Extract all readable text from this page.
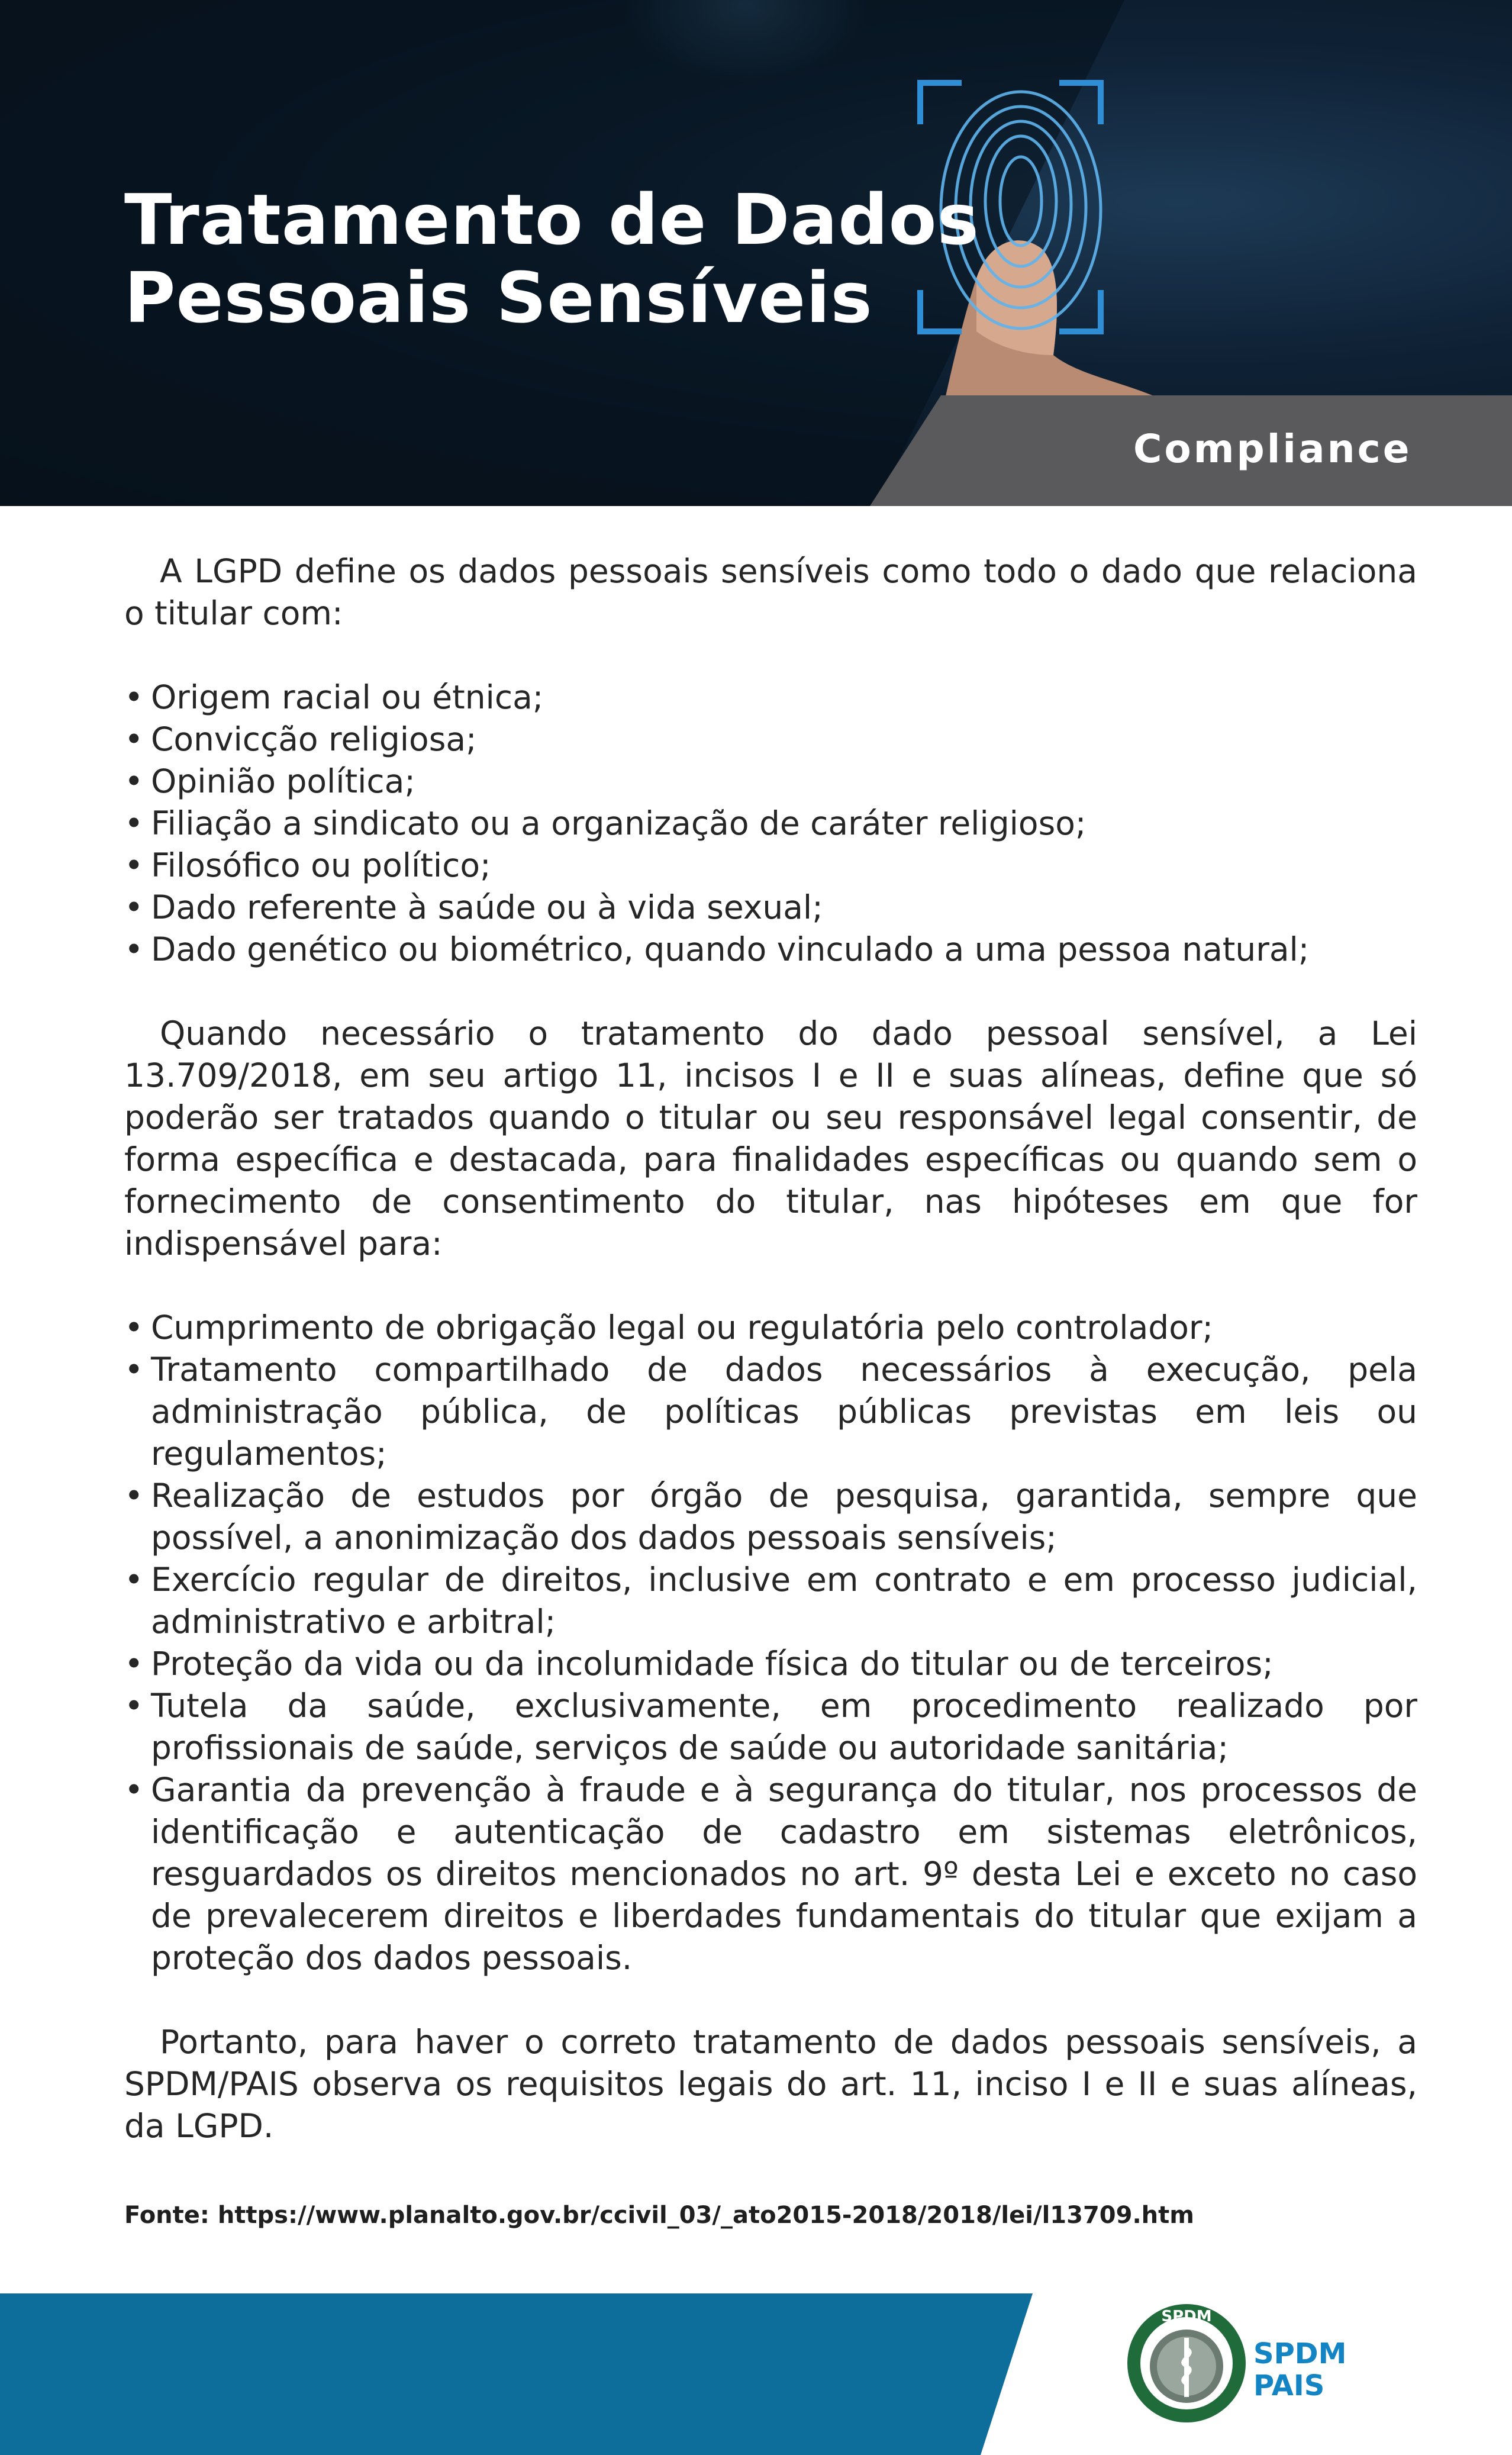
Tratamento de Dados
Pessoais Sensíveis
Compliance

A LGPD define os dados pessoais sensíveis como todo o dado que relaciona o titular com:

• Origem racial ou étnica;
• Convicção religiosa;
• Opinião política;
• Filiação a sindicato ou a organização de caráter religioso;
• Filosófico ou político;
• Dado referente à saúde ou à vida sexual;
• Dado genético ou biométrico, quando vinculado a uma pessoa natural;

Quando necessário o tratamento do dado pessoal sensível, a Lei 13.709/2018, em seu artigo 11, incisos I e II e suas alíneas, define que só poderão ser tratados quando o titular ou seu responsável legal consentir, de forma específica e destacada, para finalidades específicas ou quando sem o fornecimento de consentimento do titular, nas hipóteses em que for indispensável para:

• Cumprimento de obrigação legal ou regulatória pelo controlador;
• Tratamento compartilhado de dados necessários à execução, pela administração pública, de políticas públicas previstas em leis ou regulamentos;
• Realização de estudos por órgão de pesquisa, garantida, sempre que possível, a anonimização dos dados pessoais sensíveis;
• Exercício regular de direitos, inclusive em contrato e em processo judicial, administrativo e arbitral;
• Proteção da vida ou da incolumidade física do titular ou de terceiros;
• Tutela da saúde, exclusivamente, em procedimento realizado por profissionais de saúde, serviços de saúde ou autoridade sanitária;
• Garantia da prevenção à fraude e à segurança do titular, nos processos de identificação e autenticação de cadastro em sistemas eletrônicos, resguardados os direitos mencionados no art. 9º desta Lei e exceto no caso de prevalecerem direitos e liberdades fundamentais do titular que exijam a proteção dos dados pessoais.

Portanto, para haver o correto tratamento de dados pessoais sensíveis, a SPDM/PAIS observa os requisitos legais do art. 11, inciso I e II e suas alíneas, da LGPD.

Fonte: https://www.planalto.gov.br/ccivil_03/_ato2015-2018/2018/lei/l13709.htm
SPDM
SPDM
PAIS
